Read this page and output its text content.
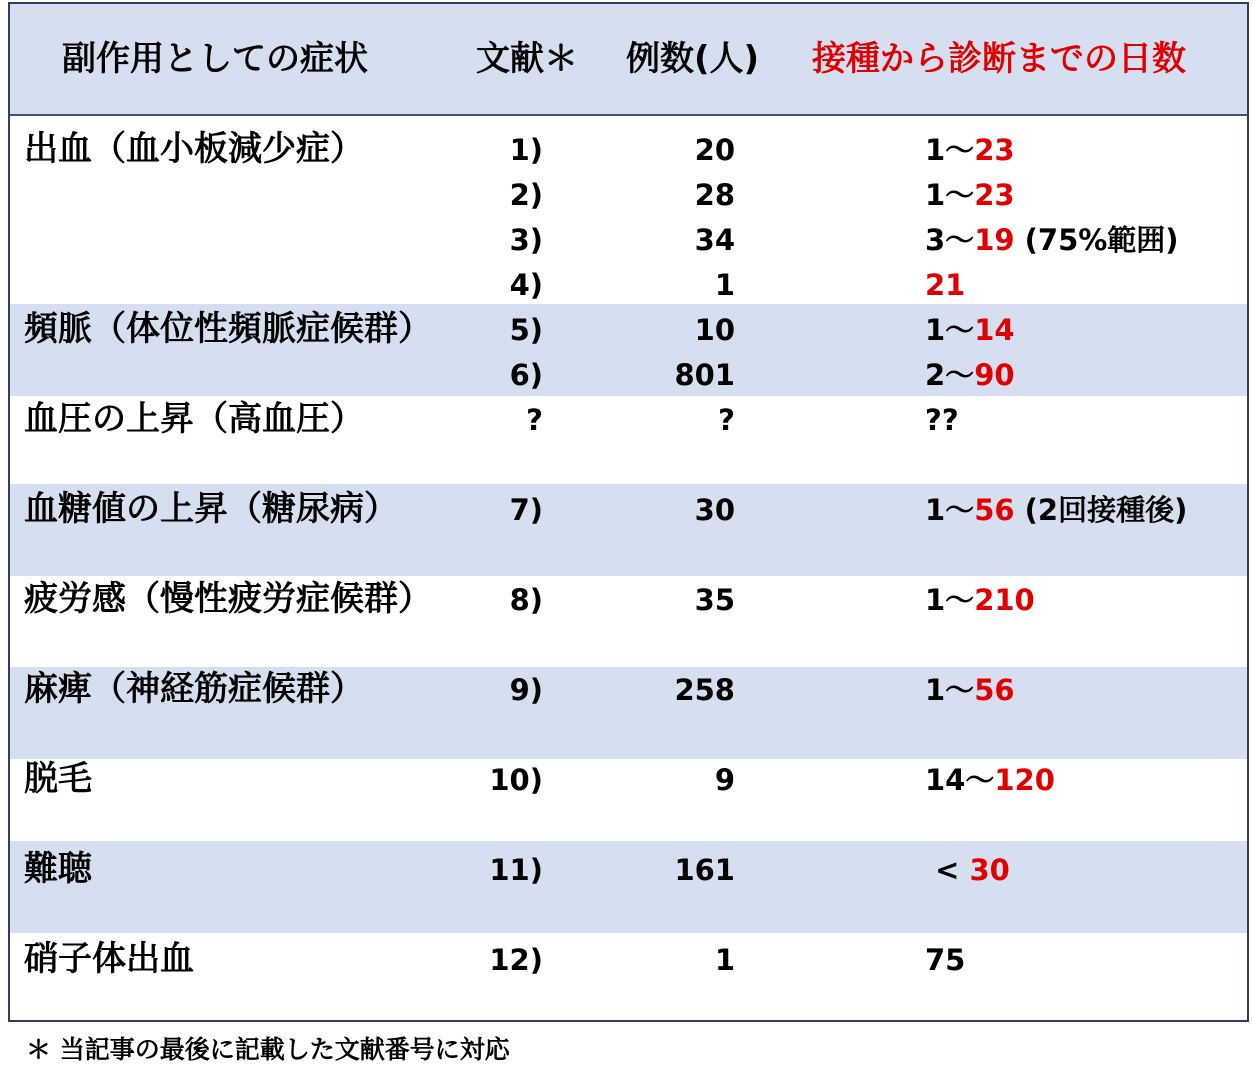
副作用としての症状	文献＊ 例数(人) 接種から診断までの日数
出血（血小板減少症）	1)	20	1〜23
2)	28	1〜23
3)	34	3〜19 (75%範囲)
4)	1	21
頻脈（体位性頻脈症候群）	5)	10	1〜14
6)	801	2〜90
血圧の上昇（高血圧）	?	?	??
血糖値の上昇（糖尿病）	7)	30	1〜56 (2回接種後)
疲労感（慢性疲労症候群）	8)	35	1〜210
麻痺（神経筋症候群）	9)	258	1〜56
脱毛	10)	9	14〜120
難聴	11)	161	< 30
硝子体出血	12)	1	75
＊ 当記事の最後に記載した文献番号に対応
